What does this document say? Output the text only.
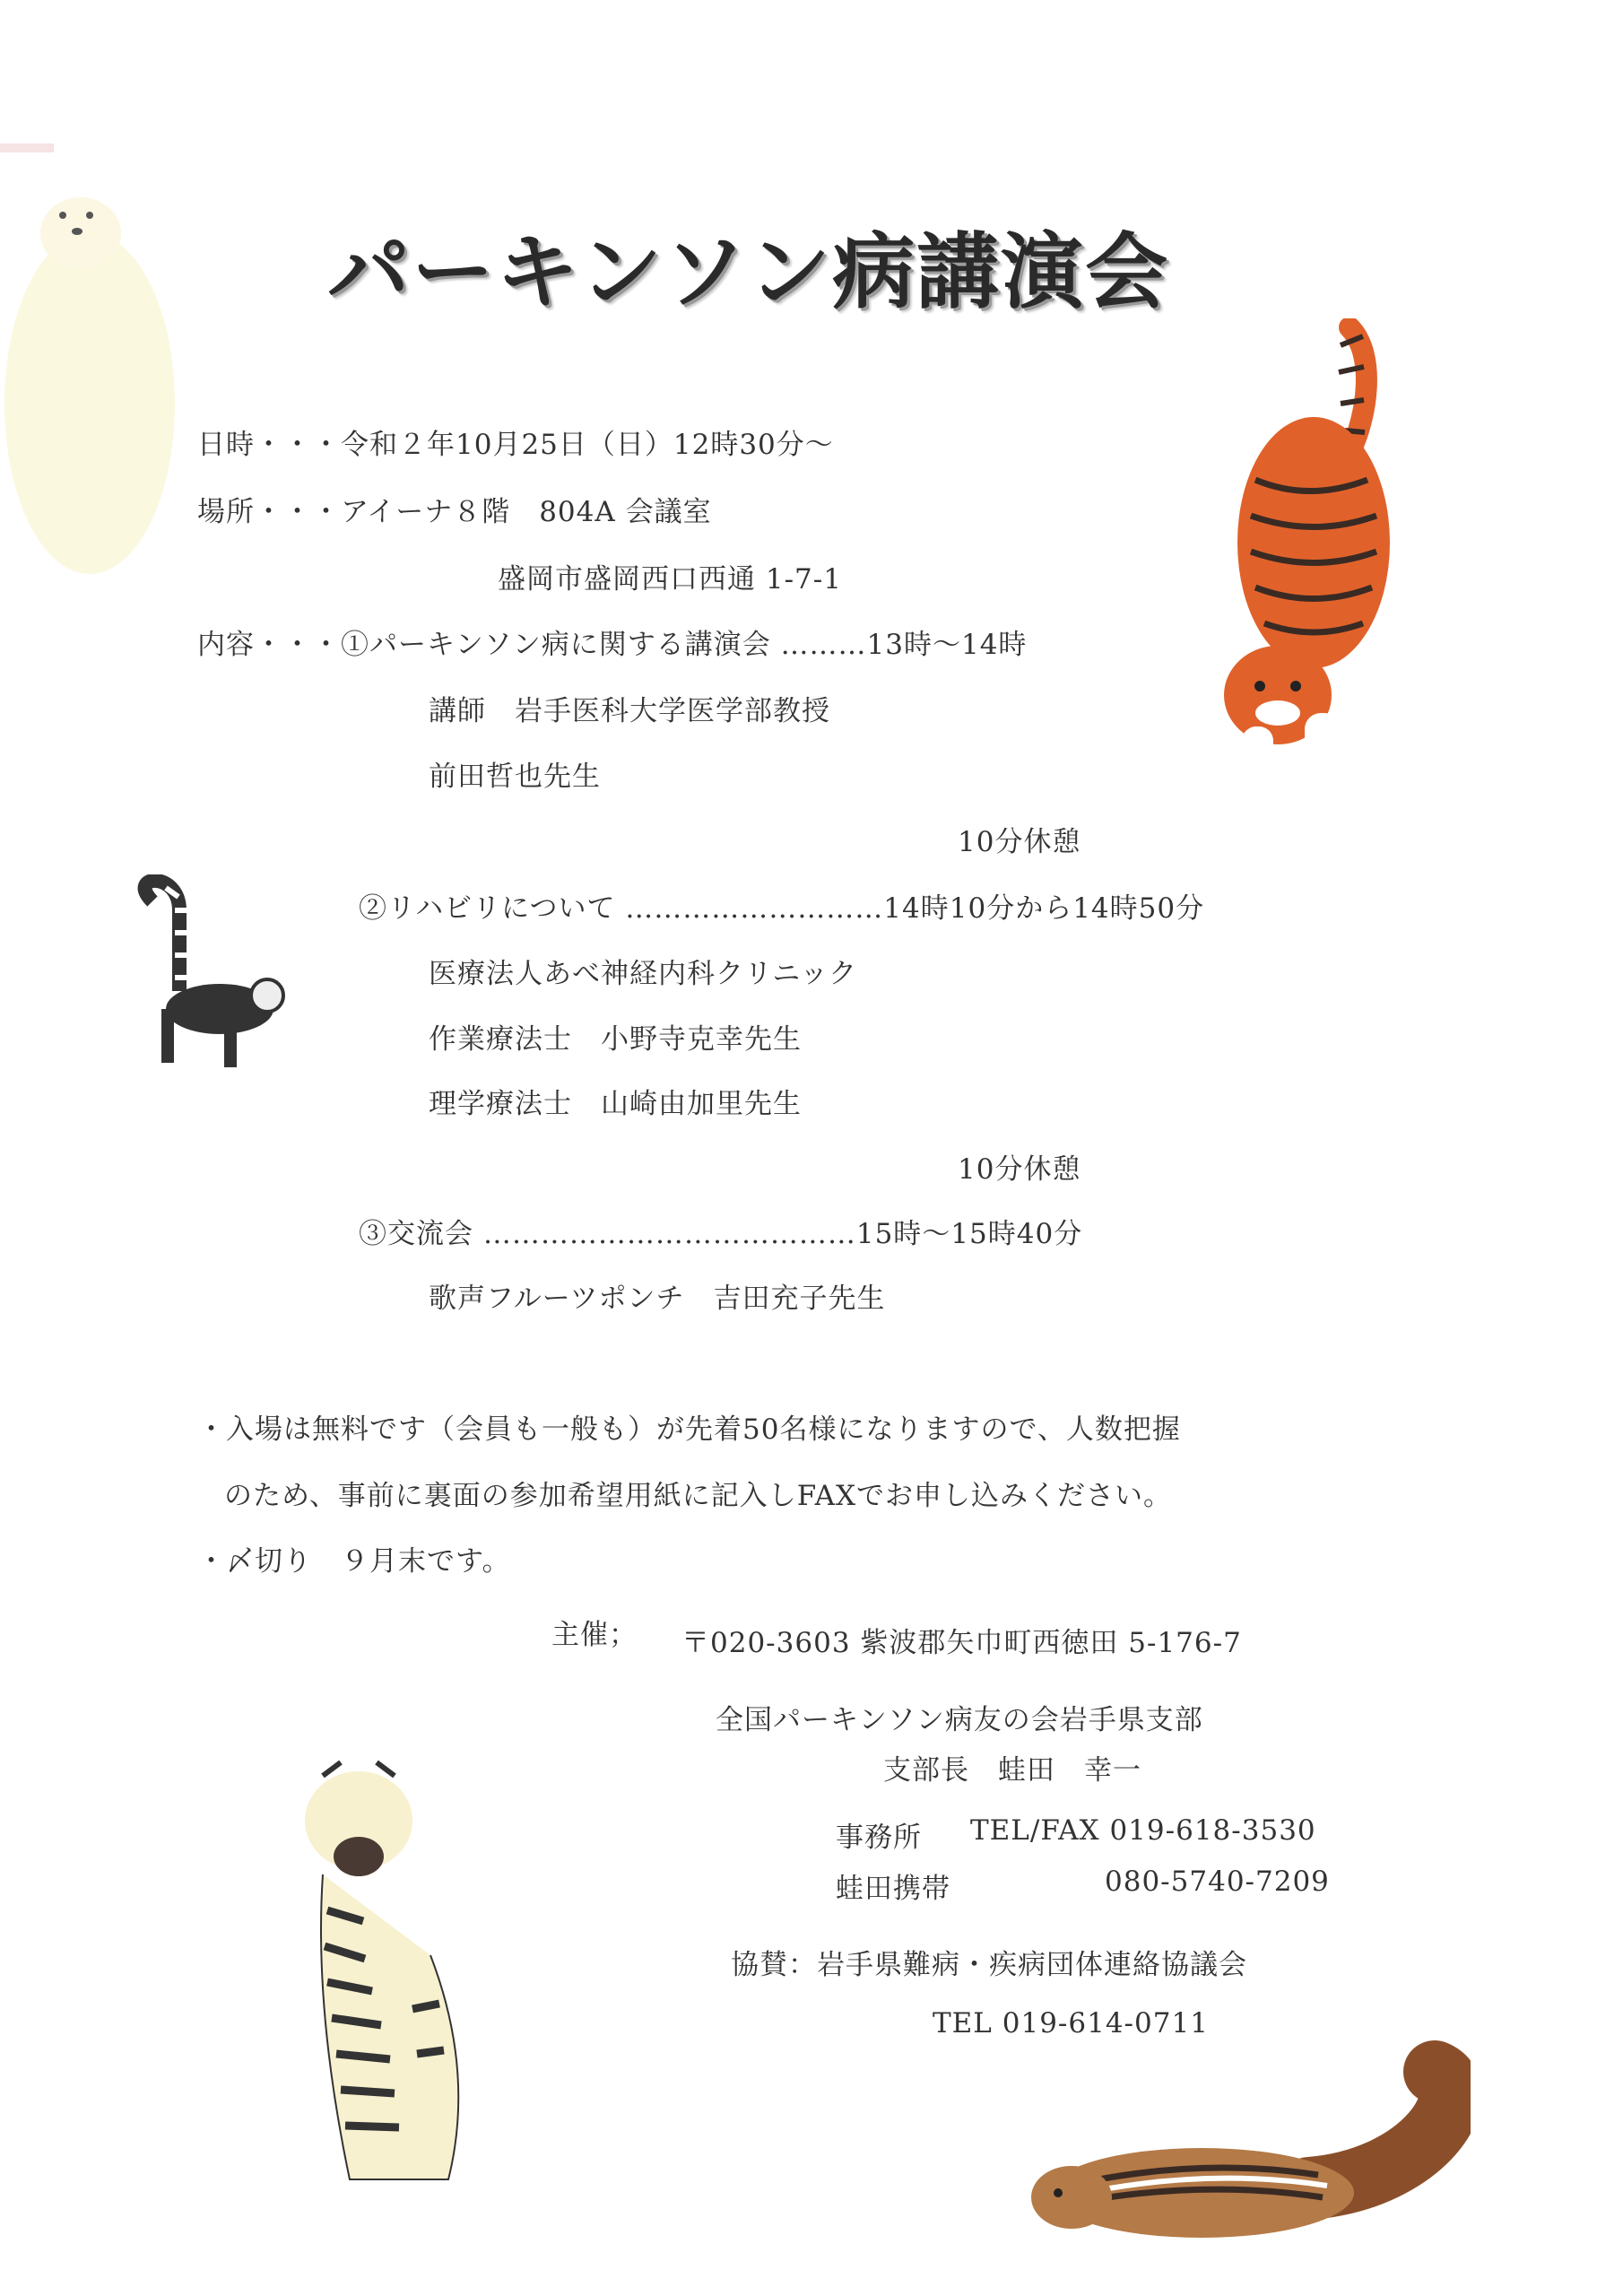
パーキンソン病講演会
日時・・・令和２年10月25日（日）12時30分～
場所・・・アイーナ８階　804A 会議室
盛岡市盛岡西口西通 1-7-1
内容・・・①パーキンソン病に関する講演会 ………13時～14時
講師　岩手医科大学医学部教授
前田哲也先生
10分休憩
②リハビリについて ………………………14時10分から14時50分
医療法人あべ神経内科クリニック
作業療法士　小野寺克幸先生
理学療法士　山崎由加里先生
10分休憩
③交流会 …………………………………15時～15時40分
歌声フルーツポンチ　吉田充子先生
・入場は無料です（会員も一般も）が先着50名様になりますので、人数把握
のため、事前に裏面の参加希望用紙に記入しFAXでお申し込みください。
・〆切り　９月末です。
主催； 〒020-3603 紫波郡矢巾町西徳田 5-176-7
全国パーキンソン病友の会岩手県支部
支部長　蛙田　幸一
事務所 TEL/FAX 019-618-3530
蛙田携帯	080-5740-7209
協賛：岩手県難病・疾病団体連絡協議会
TEL 019-614-0711
